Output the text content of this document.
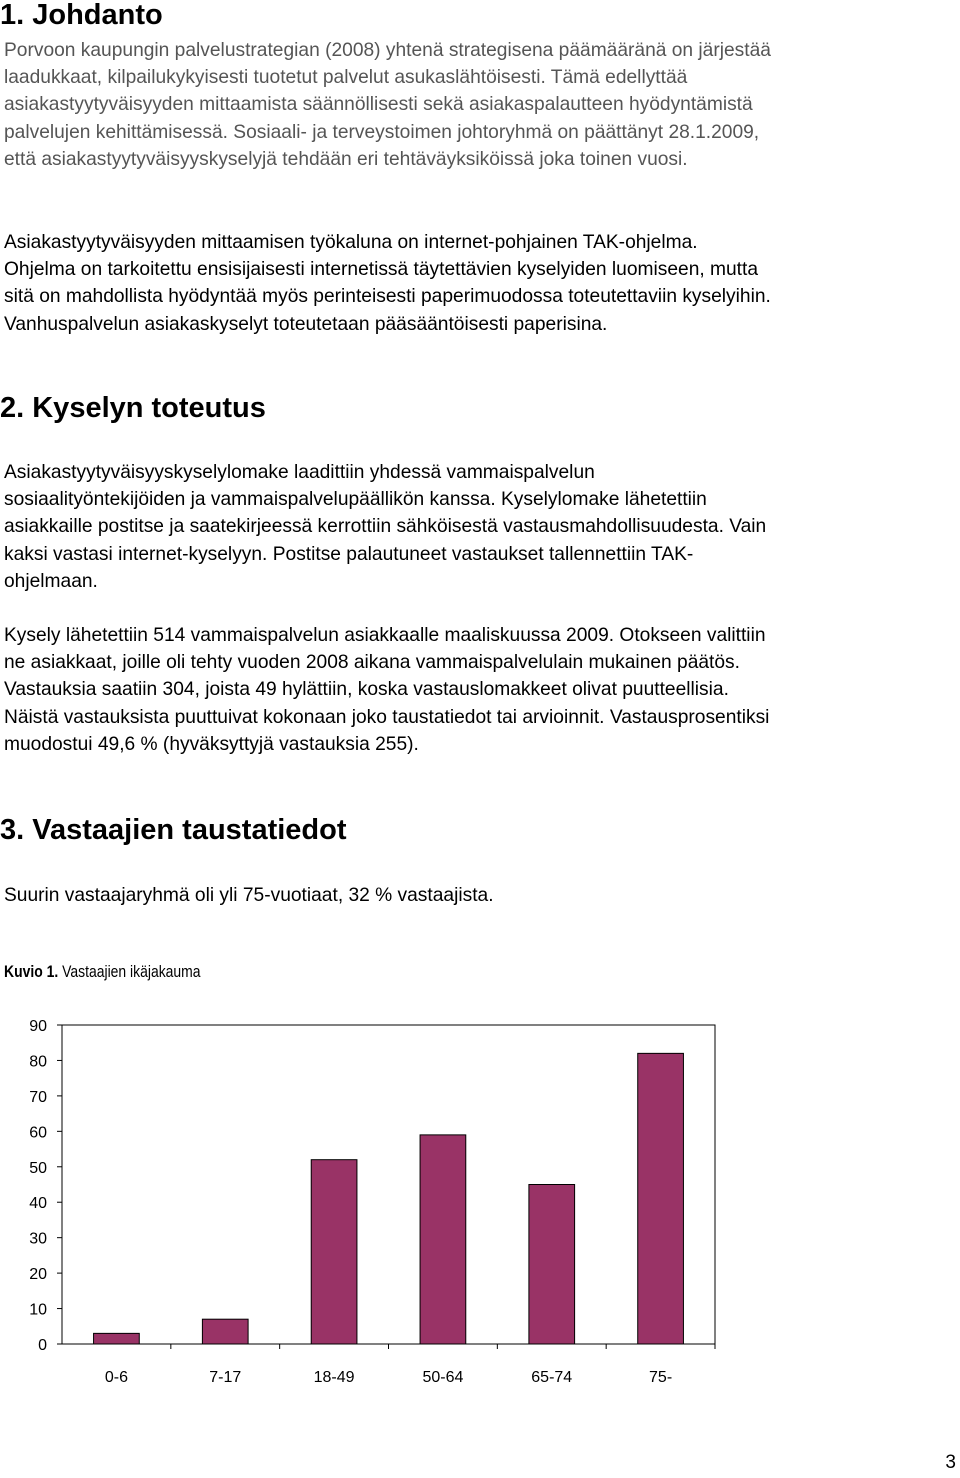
1. Johdanto
Porvoon kaupungin palvelustrategian (2008) yhtenä strategisena päämääränä on järjestää
laadukkaat, kilpailukykyisesti tuotetut palvelut asukaslähtöisesti. Tämä edellyttää
asiakastyytyväisyyden mittaamista säännöllisesti sekä asiakaspalautteen hyödyntämistä
palvelujen kehittämisessä. Sosiaali- ja terveystoimen johtoryhmä on päättänyt 28.1.2009,
että asiakastyytyväisyyskyselyjä tehdään eri tehtäväyksiköissä joka toinen vuosi.
Asiakastyytyväisyyden mittaamisen työkaluna on internet-pohjainen TAK-ohjelma.
Ohjelma on tarkoitettu ensisijaisesti internetissä täytettävien kyselyiden luomiseen, mutta
sitä on mahdollista hyödyntää myös perinteisesti paperimuodossa toteutettaviin kyselyihin.
Vanhuspalvelun asiakaskyselyt toteutetaan pääsääntöisesti paperisina.
2. Kyselyn toteutus
Asiakastyytyväisyyskyselylomake laadittiin yhdessä vammaispalvelun
sosiaalityöntekijöiden ja vammaispalvelupäällikön kanssa. Kyselylomake lähetettiin
asiakkaille postitse ja saatekirjeessä kerrottiin sähköisestä vastausmahdollisuudesta. Vain
kaksi vastasi internet-kyselyyn. Postitse palautuneet vastaukset tallennettiin TAK-
ohjelmaan.
Kysely lähetettiin 514 vammaispalvelun asiakkaalle maaliskuussa 2009. Otokseen valittiin
ne asiakkaat, joille oli tehty vuoden 2008 aikana vammaispalvelulain mukainen päätös.
Vastauksia saatiin 304, joista 49 hylättiin, koska vastauslomakkeet olivat puutteellisia.
Näistä vastauksista puuttuivat kokonaan joko taustatiedot tai arvioinnit. Vastausprosentiksi
muodostui 49,6 % (hyväksyttyjä vastauksia 255).
3. Vastaajien taustatiedot
Suurin vastaajaryhmä oli yli 75-vuotiaat, 32 % vastaajista.
Kuvio 1. Vastaajien ikäjakauma
0
10
20
30
40
50
60
70
80
90
0-6	7-17	18-49	50-64	65-74	75-
3
